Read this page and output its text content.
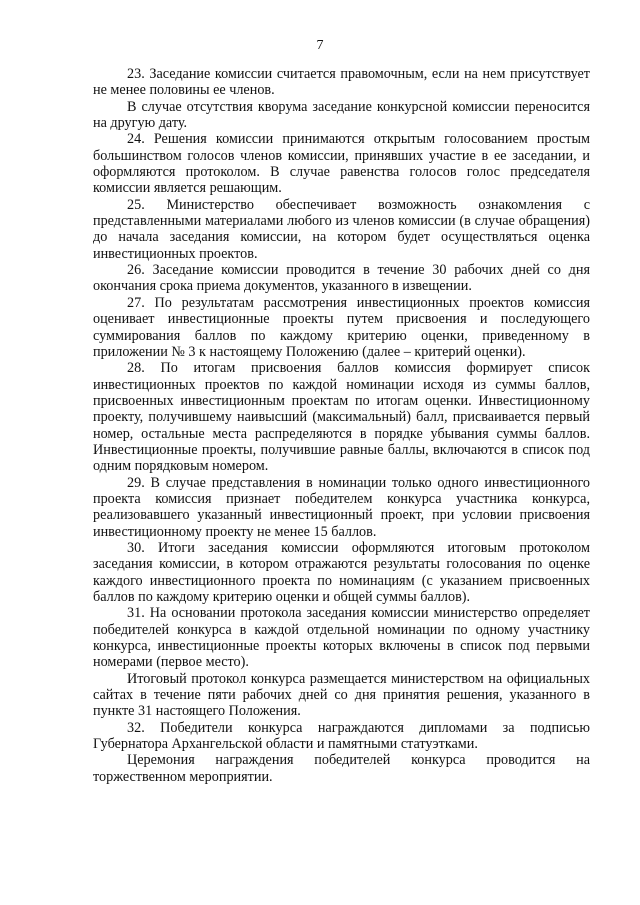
7

23. Заседание комиссии считается правомочным, если на нем присутствует не менее половины ее членов.

В случае отсутствия кворума заседание конкурсной комиссии переносится на другую дату.

24. Решения комиссии принимаются открытым голосованием простым большинством голосов членов комиссии, принявших участие в ее заседании, и оформляются протоколом. В случае равенства голосов голос председателя комиссии является решающим.

25. Министерство обеспечивает возможность ознакомления с представленными материалами любого из членов комиссии (в случае обращения) до начала заседания комиссии, на котором будет осуществляться оценка инвестиционных проектов.

26. Заседание комиссии проводится в течение 30 рабочих дней со дня окончания срока приема документов, указанного в извещении.

27. По результатам рассмотрения инвестиционных проектов комиссия оценивает инвестиционные проекты путем присвоения и последующего суммирования баллов по каждому критерию оценки, приведенному в приложении № 3 к настоящему Положению (далее – критерий оценки).

28. По итогам присвоения баллов комиссия формирует список инвестиционных проектов по каждой номинации исходя из суммы баллов, присвоенных инвестиционным проектам по итогам оценки. Инвестиционному проекту, получившему наивысший (максимальный) балл, присваивается первый номер, остальные места распределяются в порядке убывания суммы баллов. Инвестиционные проекты, получившие равные баллы, включаются в список под одним порядковым номером.

29. В случае представления в номинации только одного инвестиционного проекта комиссия признает победителем конкурса участника конкурса, реализовавшего указанный инвестиционный проект, при условии присвоения инвестиционному проекту не менее 15 баллов.

30. Итоги заседания комиссии оформляются итоговым протоколом заседания комиссии, в котором отражаются результаты голосования по оценке каждого инвестиционного проекта по номинациям (с указанием присвоенных баллов по каждому критерию оценки и общей суммы баллов).

31. На основании протокола заседания комиссии министерство определяет победителей конкурса в каждой отдельной номинации по одному участнику конкурса, инвестиционные проекты которых включены в список под первыми номерами (первое место).

Итоговый протокол конкурса размещается министерством на официальных сайтах в течение пяти рабочих дней со дня принятия решения, указанного в пункте 31 настоящего Положения.

32. Победители конкурса награждаются дипломами за подписью Губернатора Архангельской области и памятными статуэтками.

Церемония награждения победителей конкурса проводится на торжественном мероприятии.
